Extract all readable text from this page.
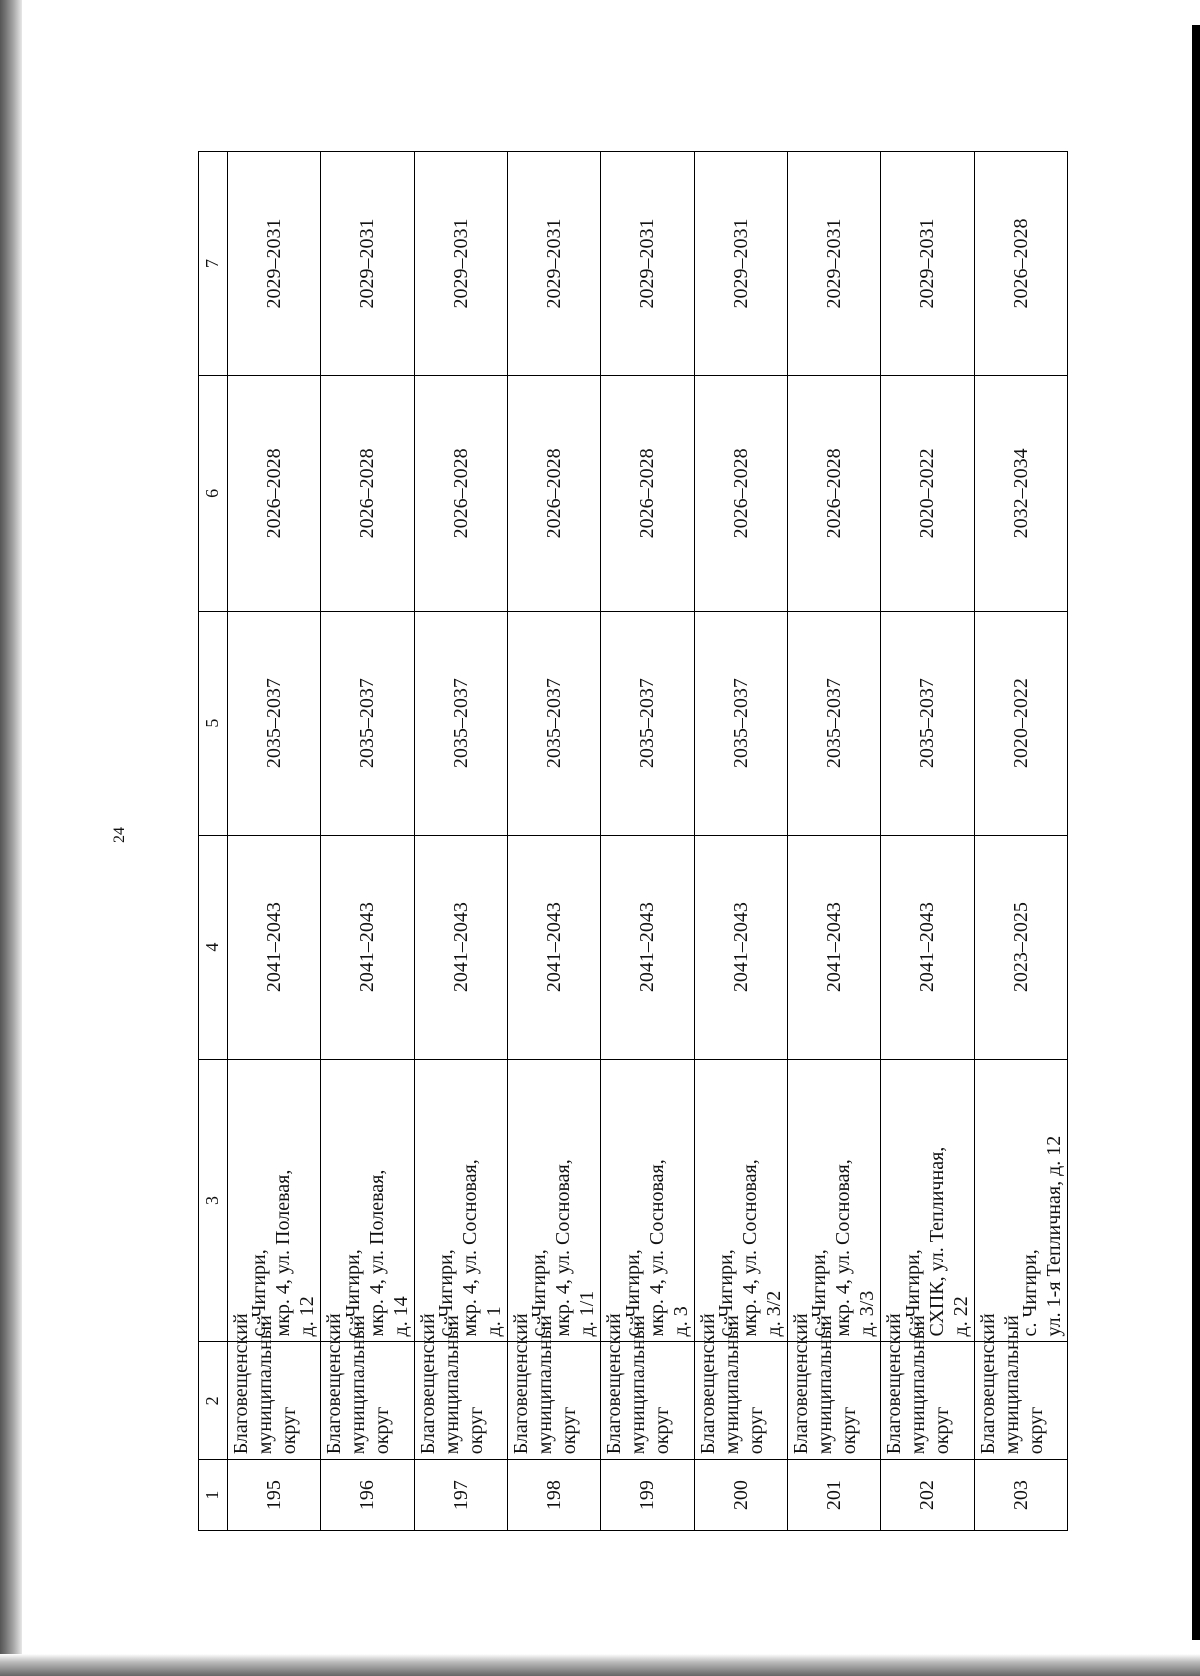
24
1	2	3	4	5	6	7
195	Благовещенский муниципальный округ	с. Чигири, мкр. 4, ул. Полевая, д. 12	2041–2043	2035–2037	2026–2028	2029–2031
196	Благовещенский муниципальный округ	с. Чигири, мкр. 4, ул. Полевая, д. 14	2041–2043	2035–2037	2026–2028	2029–2031
197	Благовещенский муниципальный округ	с. Чигири, мкр. 4, ул. Сосновая, д. 1	2041–2043	2035–2037	2026–2028	2029–2031
198	Благовещенский муниципальный округ	с. Чигири, мкр. 4, ул. Сосновая, д. 1/1	2041–2043	2035–2037	2026–2028	2029–2031
199	Благовещенский муниципальный округ	с. Чигири, мкр. 4, ул. Сосновая, д. 3	2041–2043	2035–2037	2026–2028	2029–2031
200	Благовещенский муниципальный округ	с. Чигири, мкр. 4, ул. Сосновая, д. 3/2	2041–2043	2035–2037	2026–2028	2029–2031
201	Благовещенский муниципальный округ	с. Чигири, мкр. 4, ул. Сосновая, д. 3/3	2041–2043	2035–2037	2026–2028	2029–2031
202	Благовещенский муниципальный округ	с. Чигири, СХПК, ул. Тепличная, д. 22	2041–2043	2035–2037	2020–2022	2029–2031
203	Благовещенский муниципальный округ	с. Чигири, ул. 1-я Тепличная, д. 12	2023–2025	2020–2022	2032–2034	2026–2028
